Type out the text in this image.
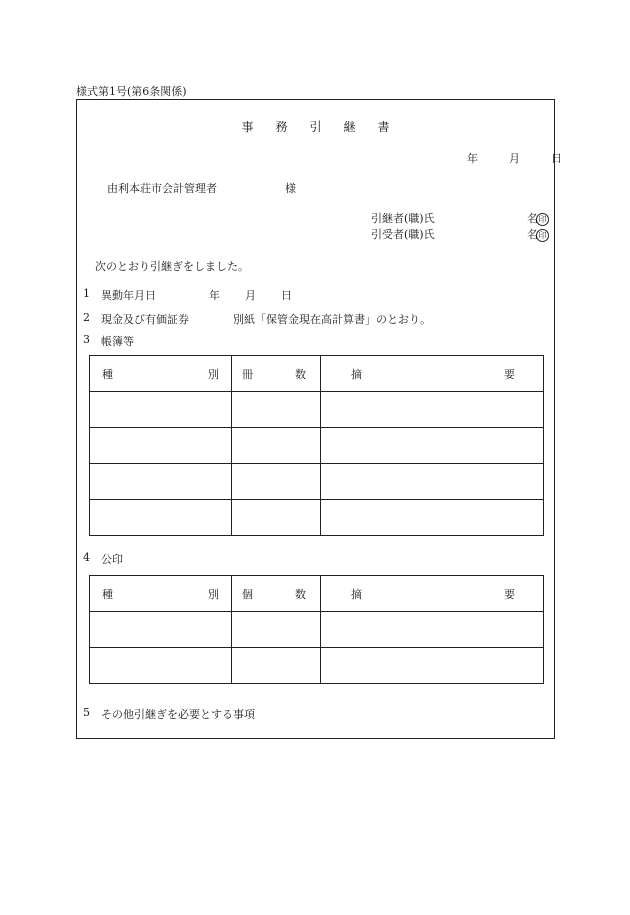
様式第1号(第6条関係)
事務引継書
年	月	日
由利本荘市会計管理者	様
引継者(職)氏	名印
引受者(職)氏	名印
次のとおり引継ぎをしました。
1 異動年月日	年 月 日
2 現金及び有価証券	別紙「保管金現在高計算書」のとおり。
3 帳簿等
種 別	冊 数	摘 要

4 公印
種 別	個 数	摘 要

5 その他引継ぎを必要とする事項
